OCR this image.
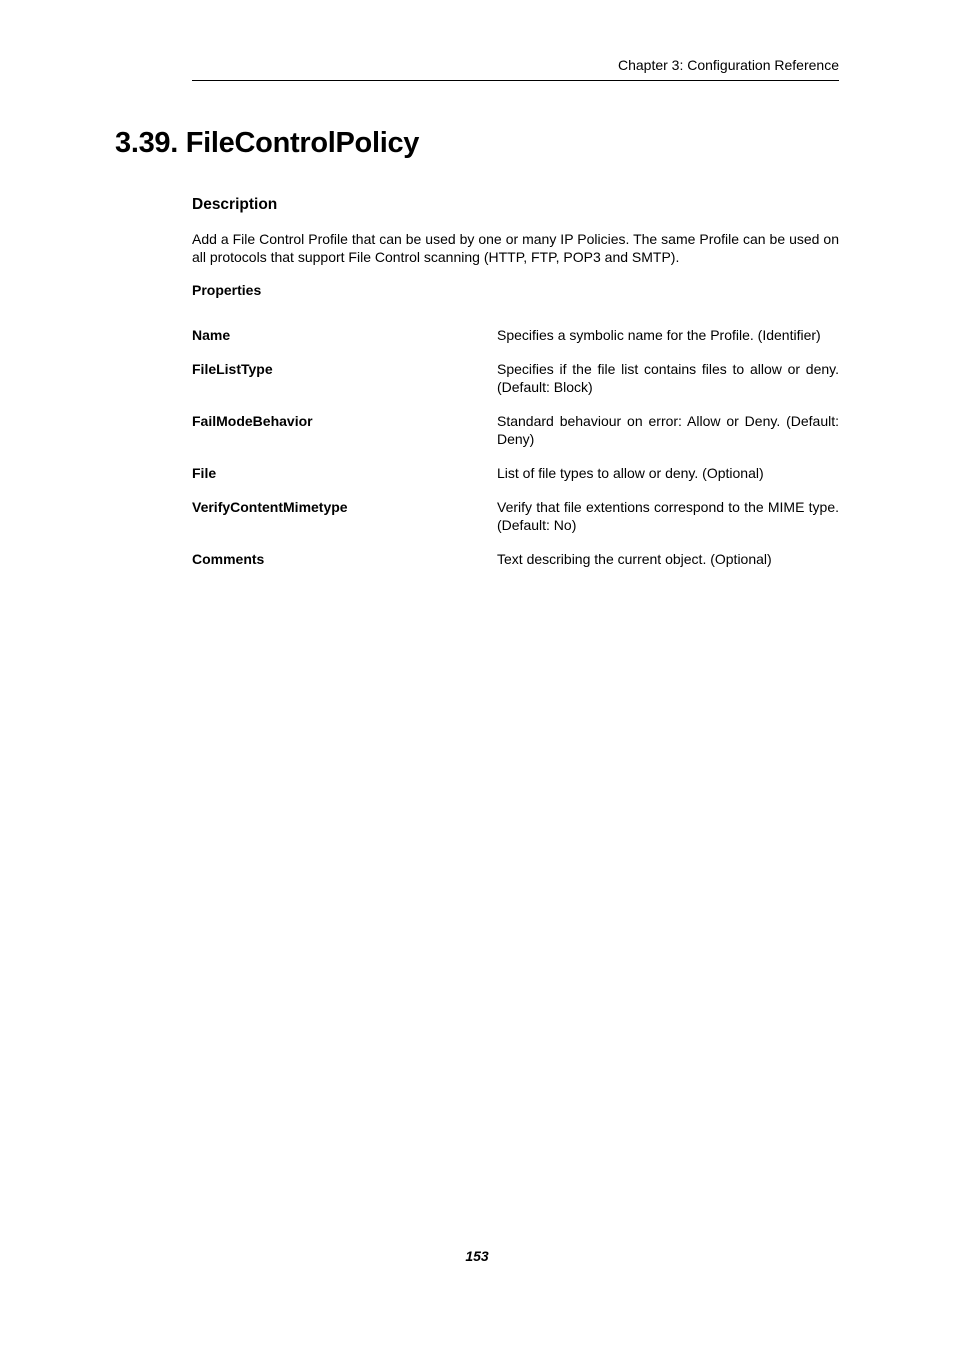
Chapter 3: Configuration Reference
3.39. FileControlPolicy

Description

Add a File Control Profile that can be used by one or many IP Policies. The same Profile can be used on all protocols that support File Control scanning (HTTP, FTP, POP3 and SMTP).

Properties

Name	Specifies a symbolic name for the Profile. (Identifier)
FileListType	Specifies if the file list contains files to allow or deny. (Default: Block)
FailModeBehavior	Standard behaviour on error: Allow or Deny. (Default: Deny)
File	List of file types to allow or deny. (Optional)
VerifyContentMimetype	Verify that file extentions correspond to the MIME type. (Default: No)
Comments	Text describing the current object. (Optional)
153
